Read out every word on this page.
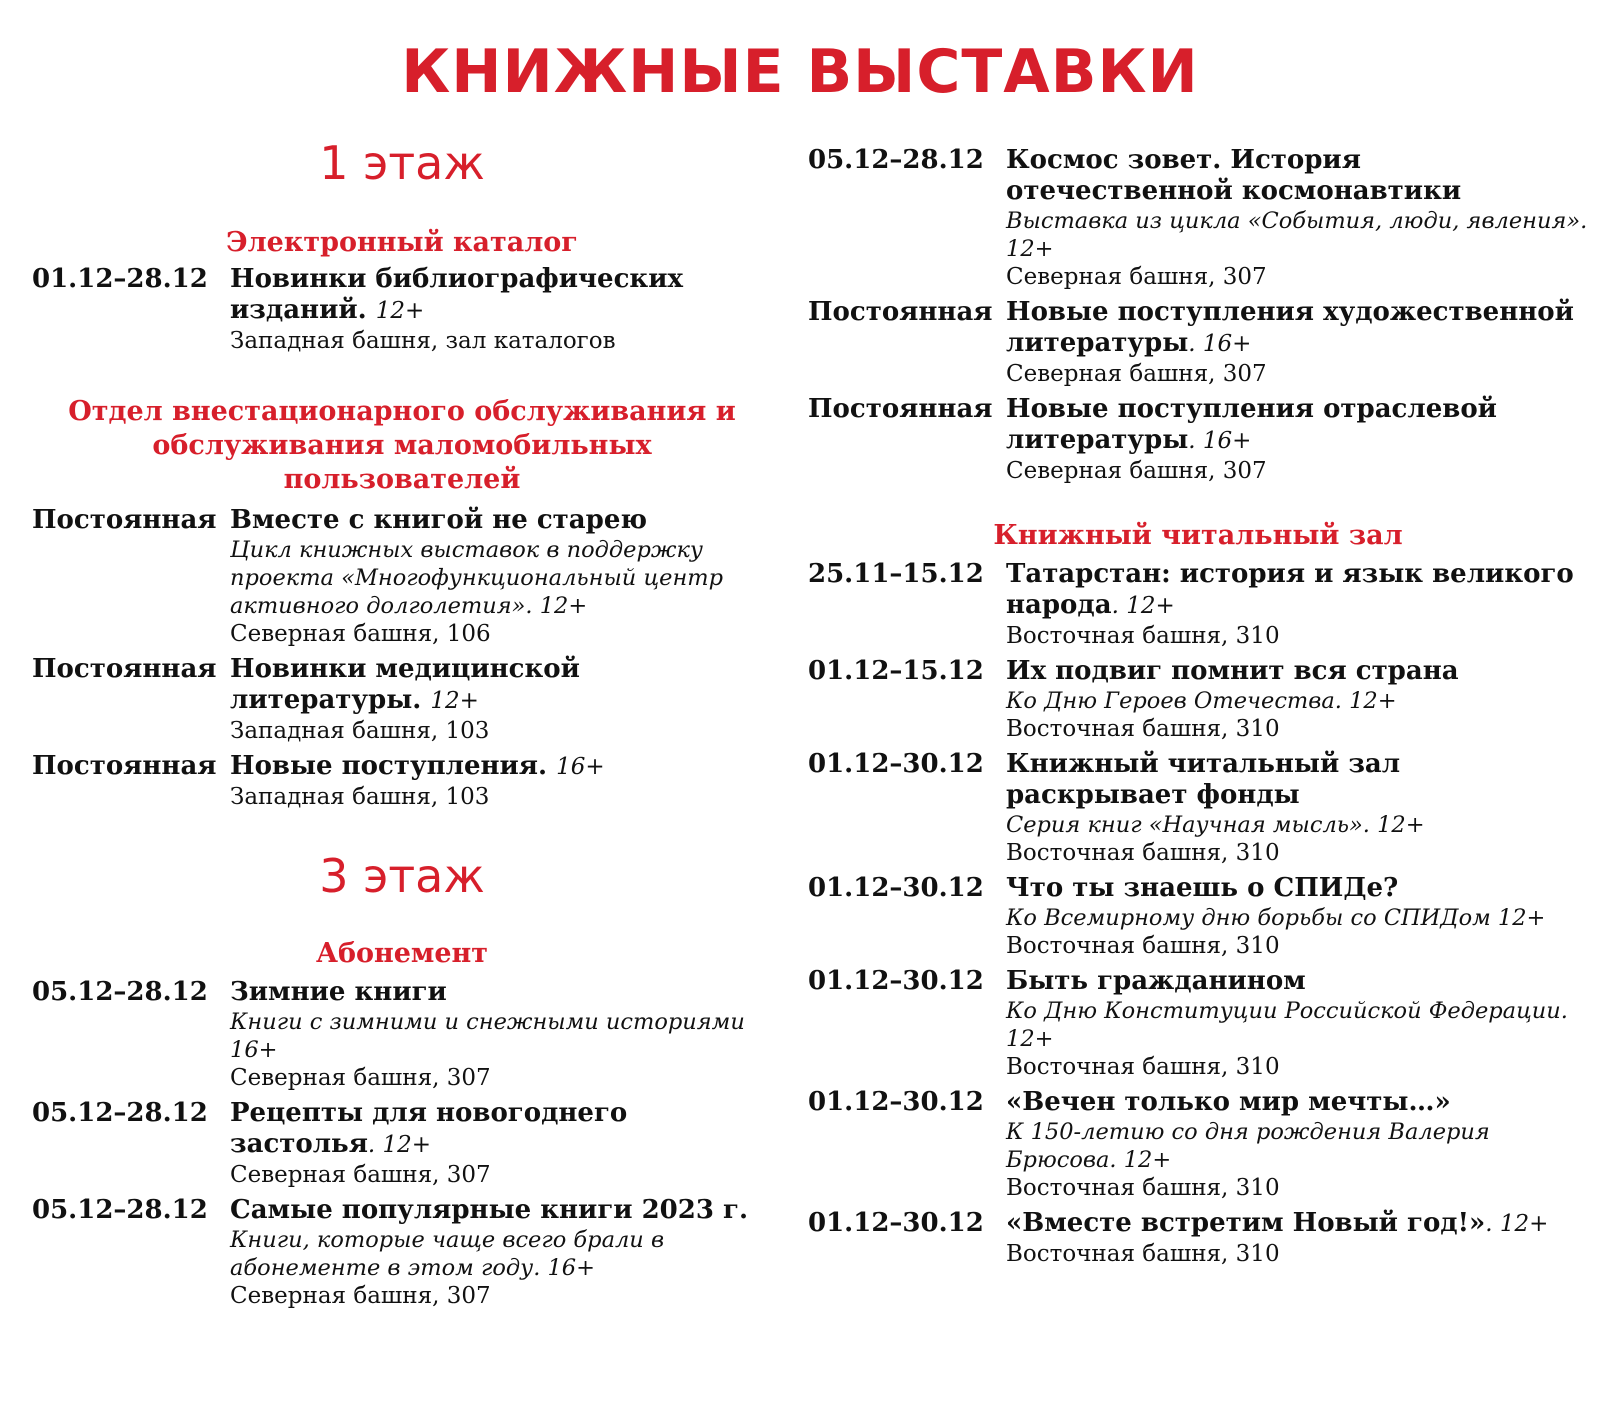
КНИЖНЫЕ ВЫСТАВКИ
1 этаж
Электронный каталог
01.12–28.12 Новинки библиографических изданий. 12+
Западная башня, зал каталогов
Отдел внестационарного обслуживания и обслуживания маломобильных пользователей
Постоянная Вместе с книгой не старею
Цикл книжных выставок в поддержку проекта «Многофункциональный центр активного долголетия». 12+
Северная башня, 106
Постоянная Новинки медицинской литературы. 12+
Западная башня, 103
Постоянная Новые поступления. 16+
Западная башня, 103
3 этаж
Абонемент
05.12–28.12 Зимние книги
Книги с зимними и снежными историями 16+
Северная башня, 307
05.12–28.12 Рецепты для новогоднего застолья. 12+
Северная башня, 307
05.12–28.12 Самые популярные книги 2023 г.
Книги, которые чаще всего брали в абонементе в этом году. 16+
Северная башня, 307
05.12–28.12 Космос зовет. История отечественной космонавтики
Выставка из цикла «События, люди, явления». 12+
Северная башня, 307
Постоянная Новые поступления художественной литературы. 16+
Северная башня, 307
Постоянная Новые поступления отраслевой литературы. 16+
Северная башня, 307
Книжный читальный зал
25.11–15.12 Татарстан: история и язык великого народа. 12+
Восточная башня, 310
01.12–15.12 Их подвиг помнит вся страна
Ко Дню Героев Отечества. 12+
Восточная башня, 310
01.12–30.12 Книжный читальный зал раскрывает фонды
Серия книг «Научная мысль». 12+
Восточная башня, 310
01.12–30.12 Что ты знаешь о СПИДе?
Ко Всемирному дню борьбы со СПИДом 12+
Восточная башня, 310
01.12–30.12 Быть гражданином
Ко Дню Конституции Российской Федерации. 12+
Восточная башня, 310
01.12–30.12 «Вечен только мир мечты…»
К 150-летию со дня рождения Валерия Брюсова. 12+
Восточная башня, 310
01.12–30.12 «Вместе встретим Новый год!». 12+
Восточная башня, 310
